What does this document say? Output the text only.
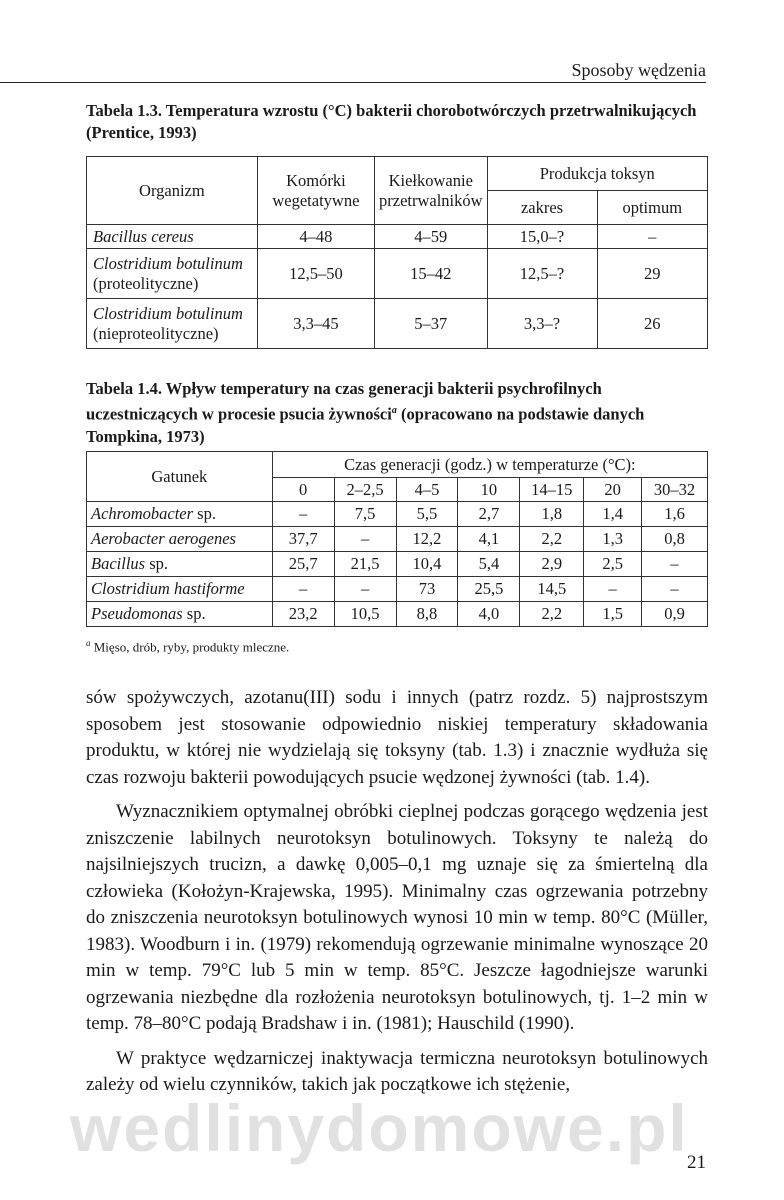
Sposoby wędzenia
Tabela 1.3. Temperatura wzrostu (°C) bakterii chorobotwórczych przetrwalnikujących (Prentice, 1993)
Organizm	Komórki wegetatywne	Kiełkowanie przetrwalników	Produkcja toksyn	
			zakres	optimum
Bacillus cereus	4–48	4–59	15,0–?	–
Clostridium botulinum
(proteolityczne)	12,5–50	15–42	12,5–?	29
Clostridium botulinum
(nieproteolityczne)	3,3–45	5–37	3,3–?	26
Tabela 1.4. Wpływ temperatury na czas generacji bakterii psychrofilnych uczestniczących w procesie psucia żywności$^a$ (opracowano na podstawie danych Tompkina, 1973)
Gatunek	Czas generacji (godz.) w temperaturze (°C):						
	0	2–2,5	4–5	10	14–15	20	30–32
Achromobacter sp.	–	7,5	5,5	2,7	1,8	1,4	1,6
Aerobacter aerogenes	37,7	–	12,2	4,1	2,2	1,3	0,8
Bacillus sp.	25,7	21,5	10,4	5,4	2,9	2,5	–
Clostridium hastiforme	–	–	73	25,5	14,5	–	–
Pseudomonas sp.	23,2	10,5	8,8	4,0	2,2	1,5	0,9
$^a$ Mięso, drób, ryby, produkty mleczne.

sów spożywczych, azotanu(III) sodu i innych (patrz rozdz. 5) najprostszym sposobem jest stosowanie odpowiednio niskiej temperatury składowania produktu, w której nie wydzielają się toksyny (tab. 1.3) i znacznie wydłuża się czas rozwoju bakterii powodujących psucie wędzonej żywności (tab. 1.4).

Wyznacznikiem optymalnej obróbki cieplnej podczas gorącego wędzenia jest zniszczenie labilnych neurotoksyn botulinowych. Toksyny te należą do najsilniejszych trucizn, a dawkę 0,005–0,1 mg uznaje się za śmiertelną dla człowieka (Kołożyn-Krajewska, 1995). Minimalny czas ogrzewania potrzebny do zniszczenia neurotoksyn botulinowych wynosi 10 min w temp. 80°C (Müller, 1983). Woodburn i in. (1979) rekomendują ogrzewanie minimalne wynoszące 20 min w temp. 79°C lub 5 min w temp. 85°C. Jeszcze łagodniejsze warunki ogrzewania niezbędne dla rozłożenia neurotoksyn botulinowych, tj. 1–2 min w temp. 78–80°C podają Bradshaw i in. (1981); Hauschild (1990).

W praktyce wędzarniczej inaktywacja termiczna neurotoksyn botulinowych zależy od wielu czynników, takich jak początkowe ich stężenie,

wedlinydomowe.pl
21
